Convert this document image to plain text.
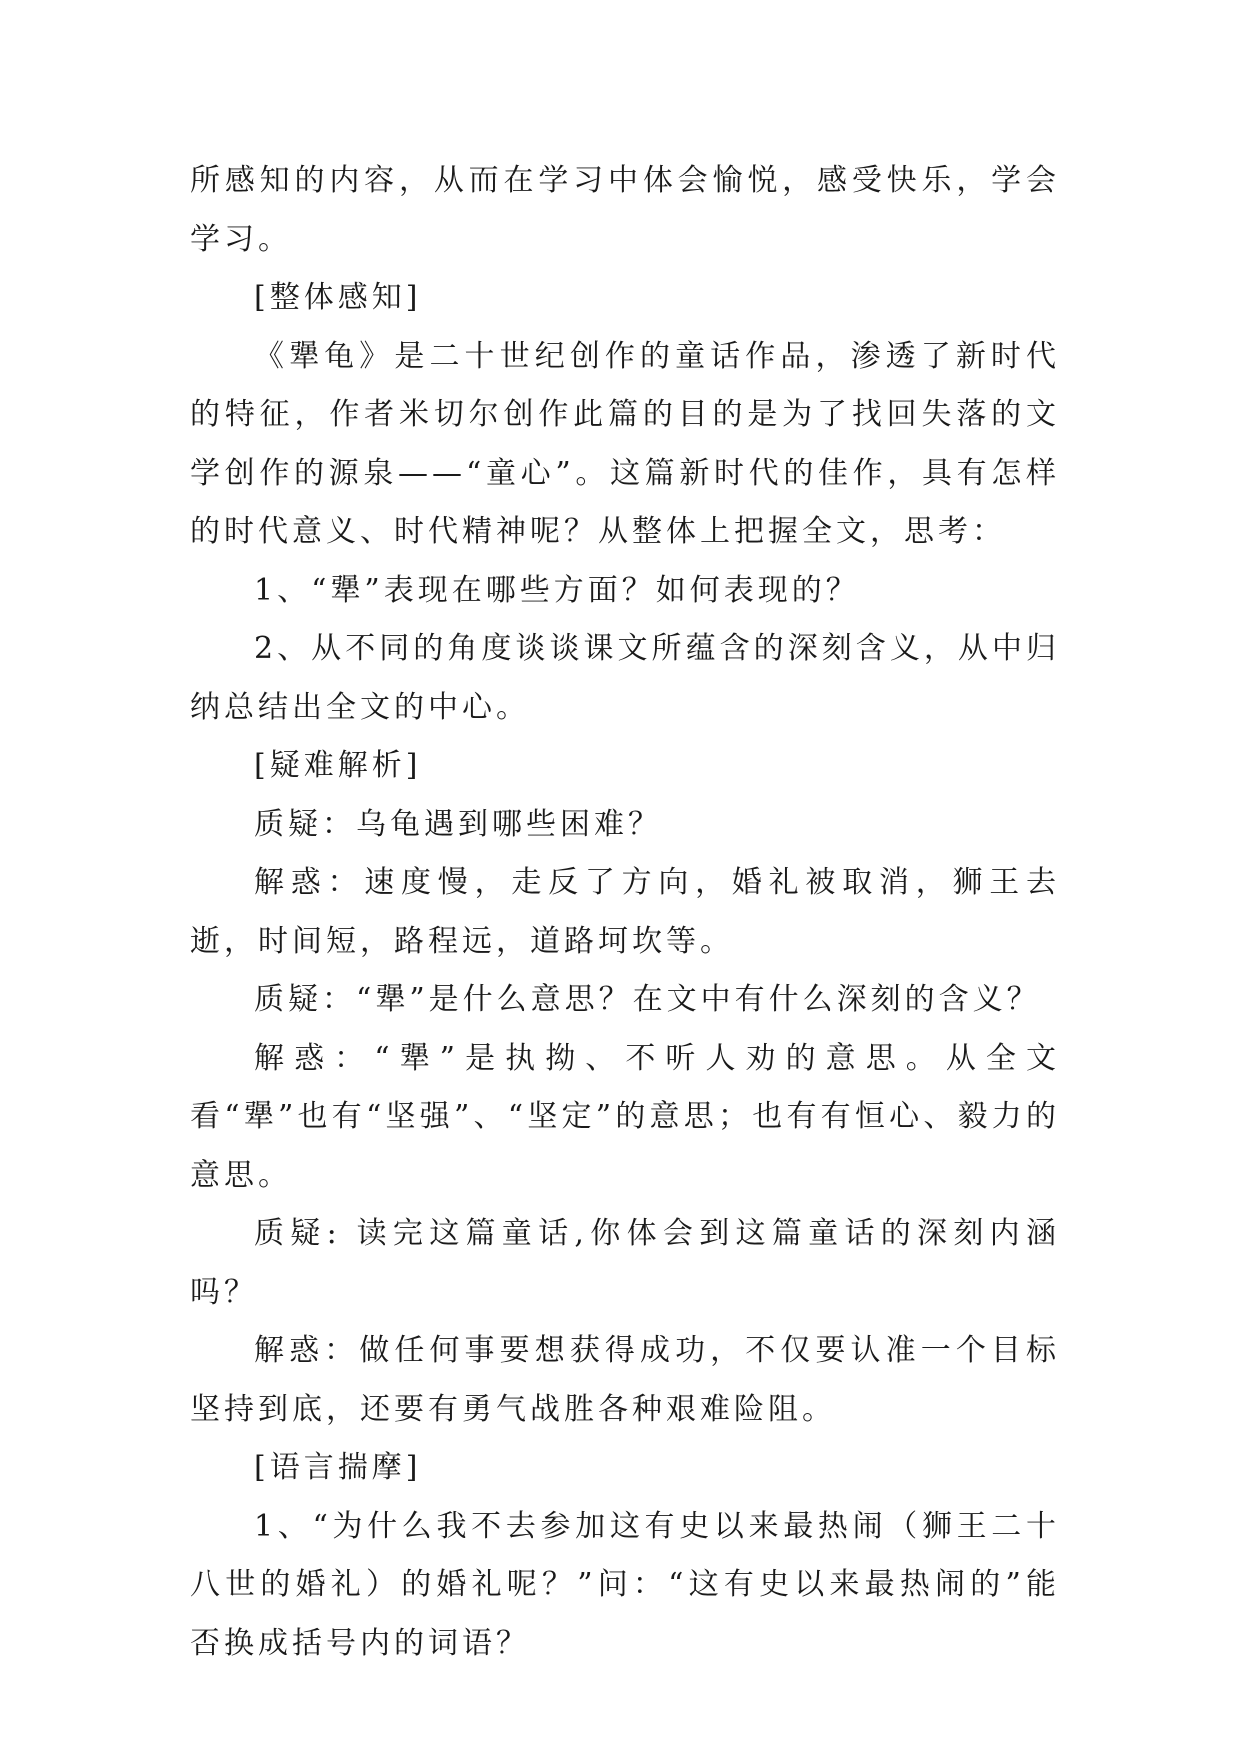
所感知的内容，从而在学习中体会愉悦，感受快乐，学会学习。

[整体感知]

《犟龟》是二十世纪创作的童话作品，渗透了新时代的特征，作者米切尔创作此篇的目的是为了找回失落的文学创作的源泉——“童心”。这篇新时代的佳作，具有怎样的时代意义、时代精神呢？从整体上把握全文，思考：

1、“犟”表现在哪些方面？如何表现的？

2、从不同的角度谈谈课文所蕴含的深刻含义，从中归纳总结出全文的中心。

[疑难解析]

质疑：乌龟遇到哪些困难？

解惑：速度慢，走反了方向，婚礼被取消，狮王去逝，时间短，路程远，道路坷坎等。

质疑：“犟”是什么意思？在文中有什么深刻的含义？

解惑：“犟”是执拗、不听人劝的意思。从全文看“犟”也有“坚强”、“坚定”的意思；也有有恒心、毅力的意思。

质疑: 读完这篇童话,你体会到这篇童话的深刻内涵吗？

解惑：做任何事要想获得成功，不仅要认准一个目标坚持到底，还要有勇气战胜各种艰难险阻。

[语言揣摩]

1、“为什么我不去参加这有史以来最热闹（狮王二十八世的婚礼）的婚礼呢？”问：“这有史以来最热闹的”能否换成括号内的词语？
